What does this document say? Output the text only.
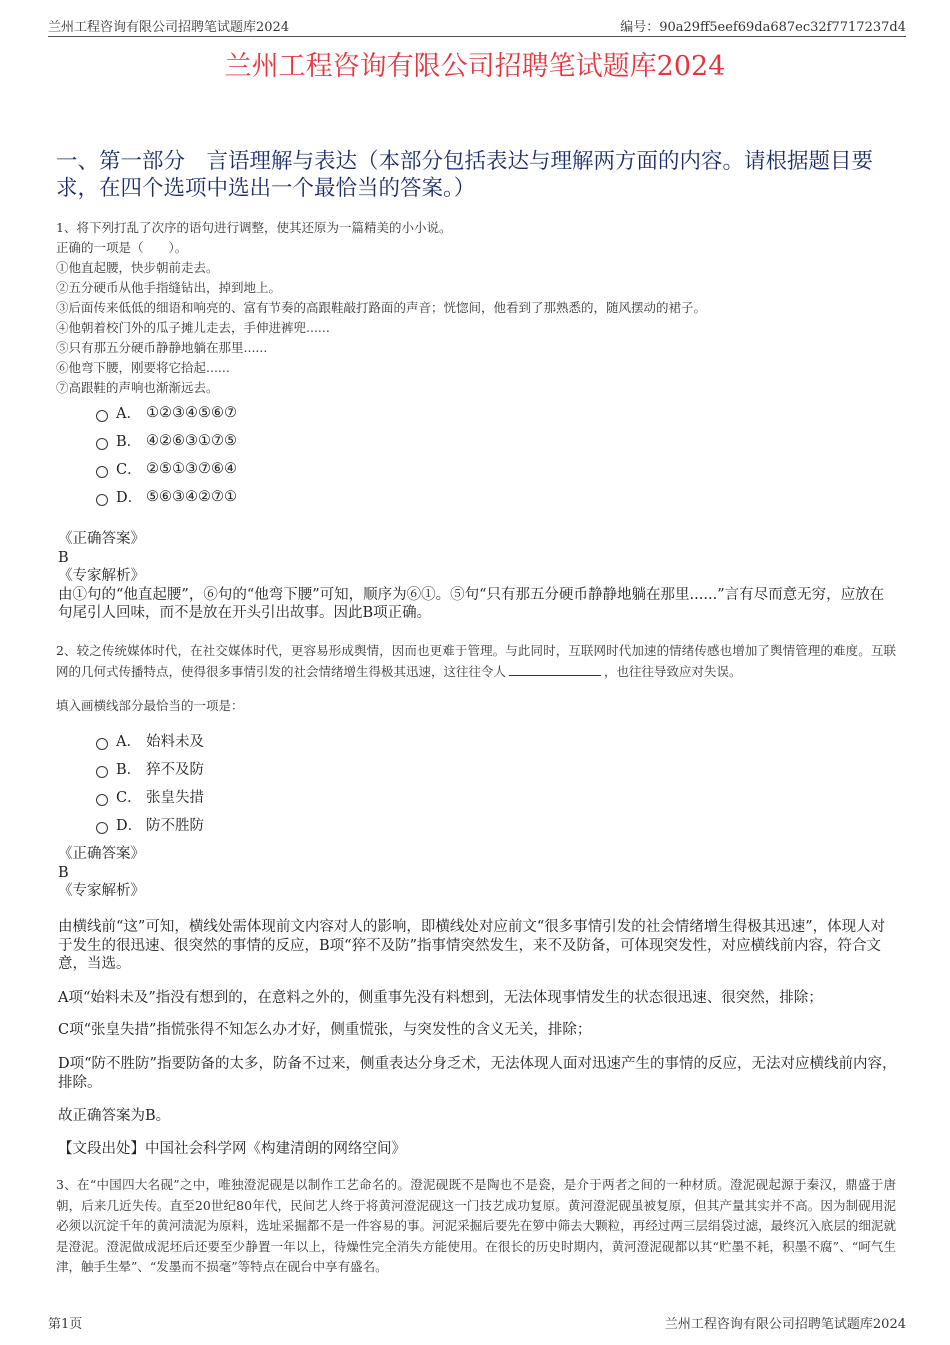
兰州工程咨询有限公司招聘笔试题库2024	编号：90a29ff5eef69da687ec32f7717237d4
兰州工程咨询有限公司招聘笔试题库2024
一、第一部分　言语理解与表达（本部分包括表达与理解两方面的内容。请根据题目要求，在四个选项中选出一个最恰当的答案。）
1、将下列打乱了次序的语句进行调整，使其还原为一篇精美的小小说。
正确的一项是（　　）。
①他直起腰，快步朝前走去。
②五分硬币从他手指缝钻出，掉到地上。
③后面传来低低的细语和响亮的、富有节奏的高跟鞋敲打路面的声音；恍惚间，他看到了那熟悉的，随风摆动的裙子。
④他朝着校门外的瓜子摊儿走去，手伸进裤兜......
⑤只有那五分硬币静静地躺在那里......
⑥他弯下腰，刚要将它拾起......
⑦高跟鞋的声响也渐渐远去。
A． ①②③④⑤⑥⑦
B． ④②⑥③①⑦⑤
C． ②⑤①③⑦⑥④
D． ⑤⑥③④②⑦①
《正确答案》
B
《专家解析》
由①句的“他直起腰”，⑥句的“他弯下腰”可知，顺序为⑥①。⑤句“只有那五分硬币静静地躺在那里......”言有尽而意无穷，应放在句尾引人回味，而不是放在开头引出故事。因此B项正确。
2、较之传统媒体时代，在社交媒体时代，更容易形成舆情，因而也更难于管理。与此同时，互联网时代加速的情绪传感也增加了舆情管理的难度。互联网的几何式传播特点，使得很多事情引发的社会情绪增生得极其迅速，这往往令人	，也往往导致应对失误。
填入画横线部分最恰当的一项是：
A． 始料未及
B． 猝不及防
C． 张皇失措
D． 防不胜防
《正确答案》
B
《专家解析》
由横线前“这”可知，横线处需体现前文内容对人的影响，即横线处对应前文“很多事情引发的社会情绪增生得极其迅速”，体现人对于发生的很迅速、很突然的事情的反应，B项“猝不及防”指事情突然发生，来不及防备，可体现突发性，对应横线前内容，符合文意，当选。
A项“始料未及”指没有想到的，在意料之外的，侧重事先没有料想到，无法体现事情发生的状态很迅速、很突然，排除；
C项“张皇失措”指慌张得不知怎么办才好，侧重慌张，与突发性的含义无关，排除；
D项“防不胜防”指要防备的太多，防备不过来，侧重表达分身乏术，无法体现人面对迅速产生的事情的反应，无法对应横线前内容，排除。
故正确答案为B。
【文段出处】中国社会科学网《构建清朗的网络空间》
3、在“中国四大名砚”之中，唯独澄泥砚是以制作工艺命名的。澄泥砚既不是陶也不是瓷，是介于两者之间的一种材质。澄泥砚起源于秦汉，鼎盛于唐朝，后来几近失传。直至20世纪80年代，民间艺人终于将黄河澄泥砚这一门技艺成功复原。黄河澄泥砚虽被复原，但其产量其实并不高。因为制砚用泥必须以沉淀千年的黄河渍泥为原料，选址采掘都不是一件容易的事。河泥采掘后要先在箩中筛去大颗粒，再经过两三层绢袋过滤，最终沉入底层的细泥就是澄泥。澄泥做成泥坯后还要至少静置一年以上，待燥性完全消失方能使用。在很长的历史时期内，黄河澄泥砚都以其“贮墨不耗，积墨不腐”、“呵气生津，触手生晕”、“发墨而不损毫”等特点在砚台中享有盛名。
第1页	兰州工程咨询有限公司招聘笔试题库2024
